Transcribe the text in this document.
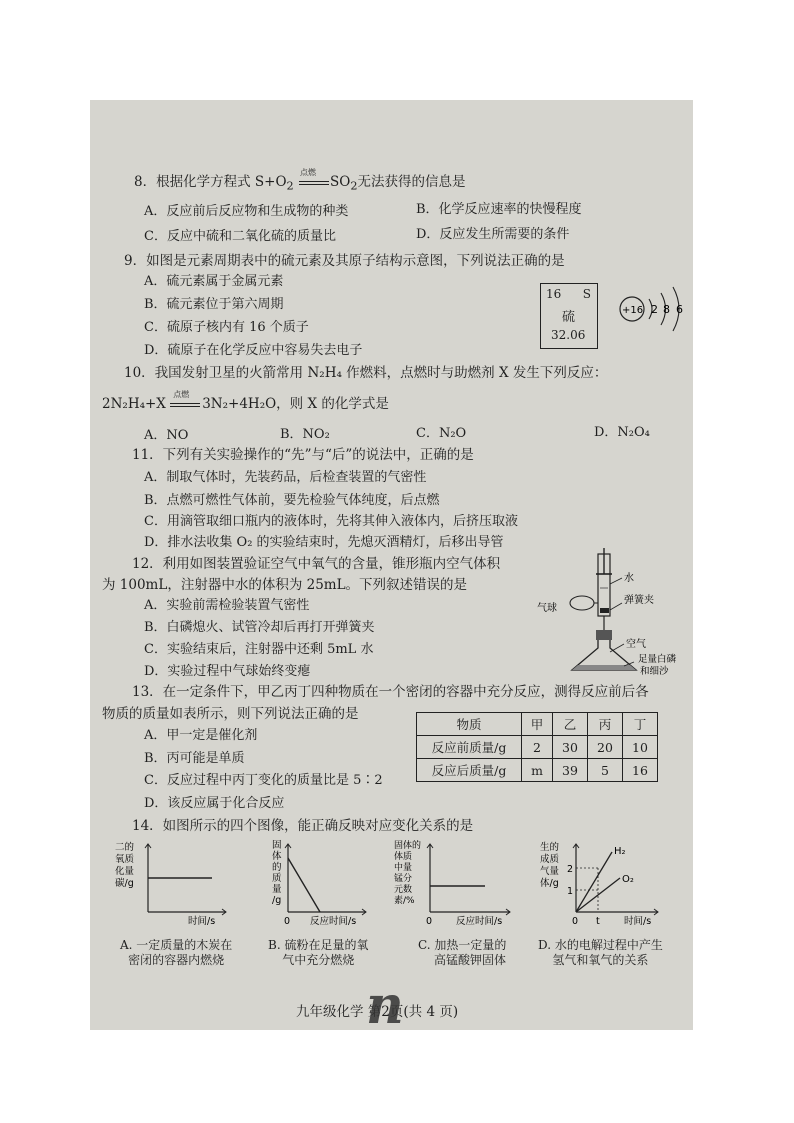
8．根据化学方程式 $S+O_2$
点燃
$SO_2$无法获得的信息是
A．反应前后反应物和生成物的种类	B．化学反应速率的快慢程度
C．反应中硫和二氧化硫的质量比	D．反应发生所需要的条件
9．如图是元素周期表中的硫元素及其原子结构示意图，下列说法正确的是
A．硫元素属于金属元素
B．硫元素位于第六周期
C．硫原子核内有 16 个质子
D．硫原子在化学反应中容易失去电子
16 S
硫
32.06
+16 2 8 6
10．我国发射卫星的火箭常用 N₂H₄ 作燃料，点燃时与助燃剂 X 发生下列反应：
2N₂H₄+X
点燃
3N₂+4H₂O，则 X 的化学式是
A．NO	B．NO₂	C．N₂O	D．N₂O₄
11．下列有关实验操作的“先”与“后”的说法中，正确的是
A．制取气体时，先装药品，后检查装置的气密性
B．点燃可燃性气体前，要先检验气体纯度，后点燃
C．用滴管取细口瓶内的液体时，先将其伸入液体内，后挤压取液
D．排水法收集 O₂ 的实验结束时，先熄灭酒精灯，后移出导管
12．利用如图装置验证空气中氧气的含量，锥形瓶内空气体积
为 100mL，注射器中水的体积为 25mL。下列叙述错误的是
A．实验前需检验装置气密性
B．白磷熄火、试管冷却后再打开弹簧夹
C．实验结束后，注射器中还剩 5mL 水
D．实验过程中气球始终变瘪
水
气球
弹簧夹
空气
足量白磷
和细沙
13．在一定条件下，甲乙丙丁四种物质在一个密闭的容器中充分反应，测得反应前后各
物质的质量如表所示，则下列说法正确的是
A．甲一定是催化剂
B．丙可能是单质
C．反应过程中丙丁变化的质量比是 5∶2
D．该反应属于化合反应
物质	甲	乙	丙	丁
反应前质量/g	2	30	20	10
反应后质量/g	m	39	5	16
14．如图所示的四个图像，能正确反映对应变化关系的是
二的
氧质
化量
碳/g
时间/s
A. 一定质量的木炭在
密闭的容器内燃烧
固
体
的
质
量
/g
0 反应时间/s
B. 硫粉在足量的氧
气中充分燃烧
固体的
体质
中量
锰分
元数
素/%
0	反应时间/s
C. 加热一定量的
高锰酸钾固体
生的
成质
气量
体/g
2
1
H₂
O₂
0 t	时间/s
D. 水的电解过程中产生
氢气和氧气的关系
九年级化学 第2页(共 4 页)
n
